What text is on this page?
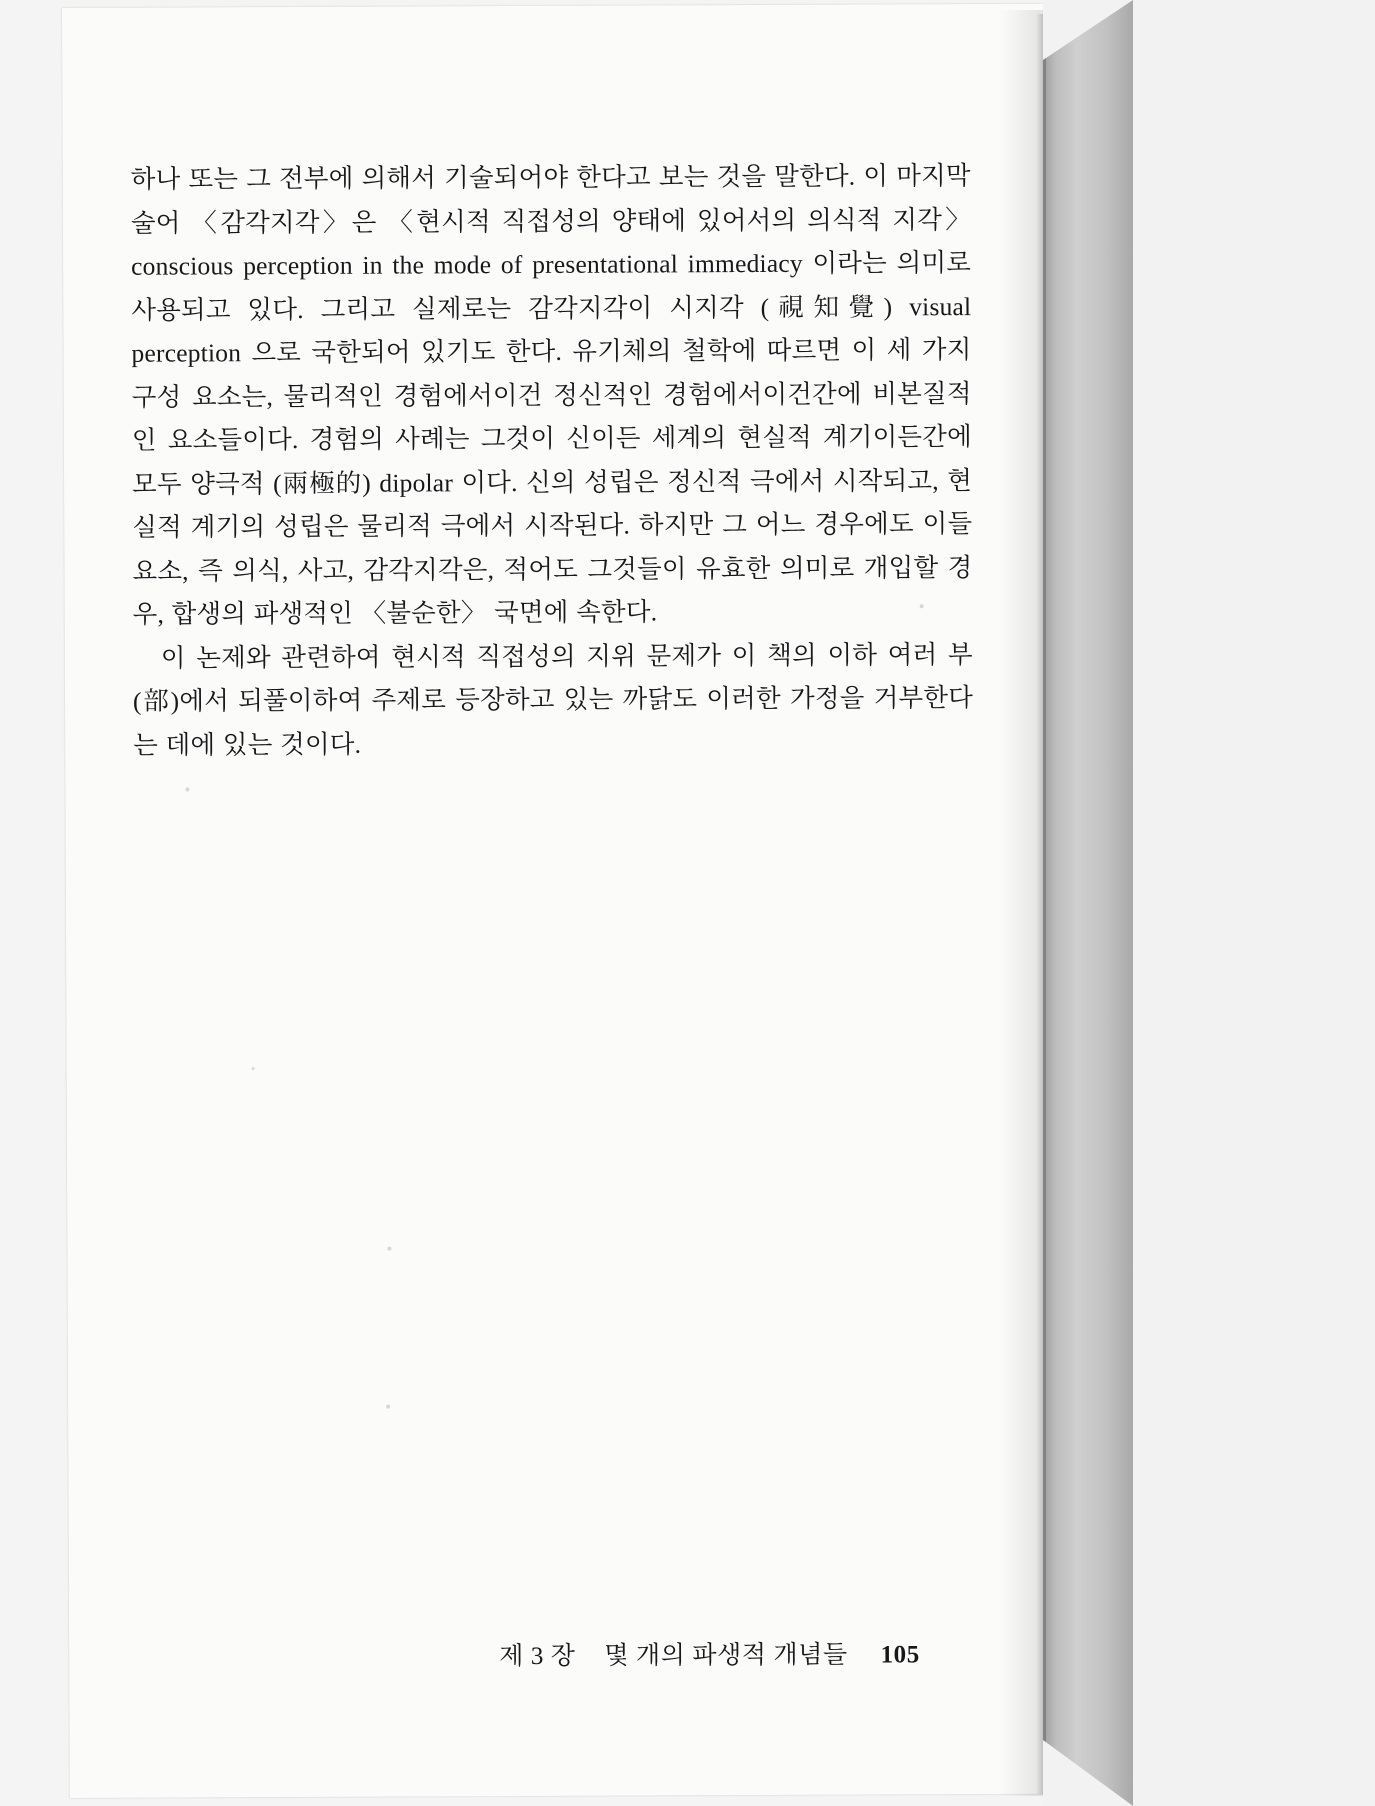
하나 또는 그 전부에 의해서 기술되어야 한다고 보는 것을 말한다. 이 마지막 술어 〈감각지각〉은 〈현시적 직접성의 양태에 있어서의 의식적 지각〉 conscious perception in the mode of presentational immediacy 이라는 의미로 사용되고 있다. 그리고 실제로는 감각지각이 시지각 (視知覺) visual perception 으로 국한되어 있기도 한다. 유기체의 철학에 따르면 이 세 가지 구성 요소는, 물리적인 경험에서이건 정신적인 경험에서이건간에 비본질적인 요소들이다. 경험의 사례는 그것이 신이든 세계의 현실적 계기이든간에 모두 양극적 (兩極的) dipolar 이다. 신의 성립은 정신적 극에서 시작되고, 현실적 계기의 성립은 물리적 극에서 시작된다. 하지만 그 어느 경우에도 이들 요소, 즉 의식, 사고, 감각지각은, 적어도 그것들이 유효한 의미로 개입할 경우, 합생의 파생적인 〈불순한〉 국면에 속한다.

이 논제와 관련하여 현시적 직접성의 지위 문제가 이 책의 이하 여러 부(部)에서 되풀이하여 주제로 등장하고 있는 까닭도 이러한 가정을 거부한다는 데에 있는 것이다.

제 3 장 몇 개의 파생적 개념들 105
